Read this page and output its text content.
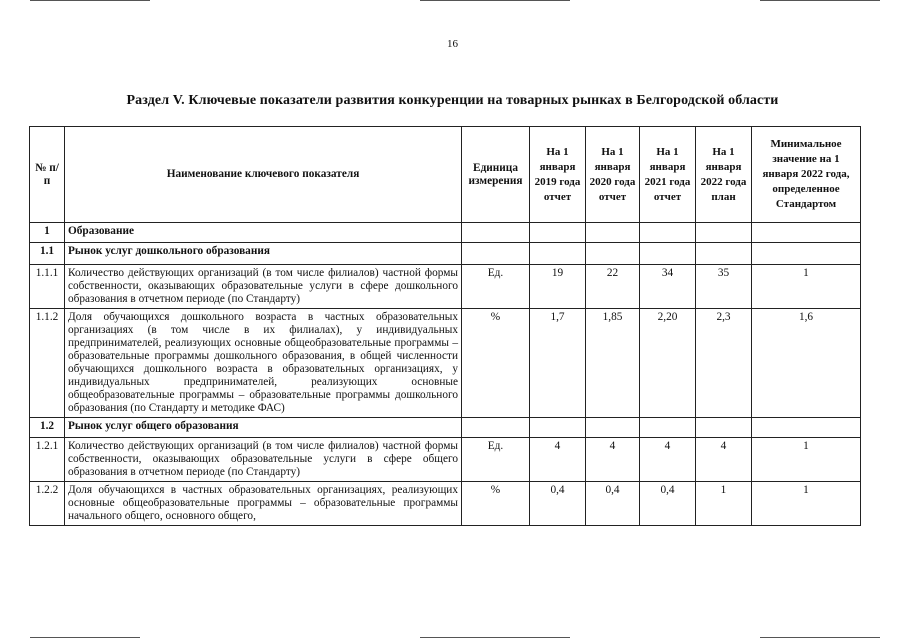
16
Раздел V. Ключевые показатели развития конкуренции на товарных рынках в Белгородской области
№ п/п	Наименование ключевого показателя	Единица измерения	На 1 января 2019 года отчет	На 1 января 2020 года отчет	На 1 января 2021 года отчет	На 1 января 2022 года план	Минимальное значение на 1 января 2022 года, определенное Стандартом
1	Образование						
1.1	Рынок услуг дошкольного образования						
1.1.1	Количество действующих организаций (в том числе филиалов) частной формы собственности, оказывающих образовательные услуги в сфере дошкольного образования в отчетном периоде (по Стандарту)	Ед.	19	22	34	35	1
1.1.2	Доля обучающихся дошкольного возраста в частных образовательных организациях (в том числе в их филиалах), у индивидуальных предпринимателей, реализующих основные общеобразовательные программы – образовательные программы дошкольного образования, в общей численности обучающихся дошкольного возраста в образовательных организациях, у индивидуальных предпринимателей, реализующих основные общеобразовательные программы – образовательные программы дошкольного образования (по Стандарту и методике ФАС)	%	1,7	1,85	2,20	2,3	1,6
1.2	Рынок услуг общего образования						
1.2.1	Количество действующих организаций (в том числе филиалов) частной формы собственности, оказывающих образовательные услуги в сфере общего образования в отчетном периоде (по Стандарту)	Ед.	4	4	4	4	1
1.2.2	Доля обучающихся в частных образовательных организациях, реализующих основные общеобразовательные программы – образовательные программы начального общего, основного общего,	%	0,4	0,4	0,4	1	1
